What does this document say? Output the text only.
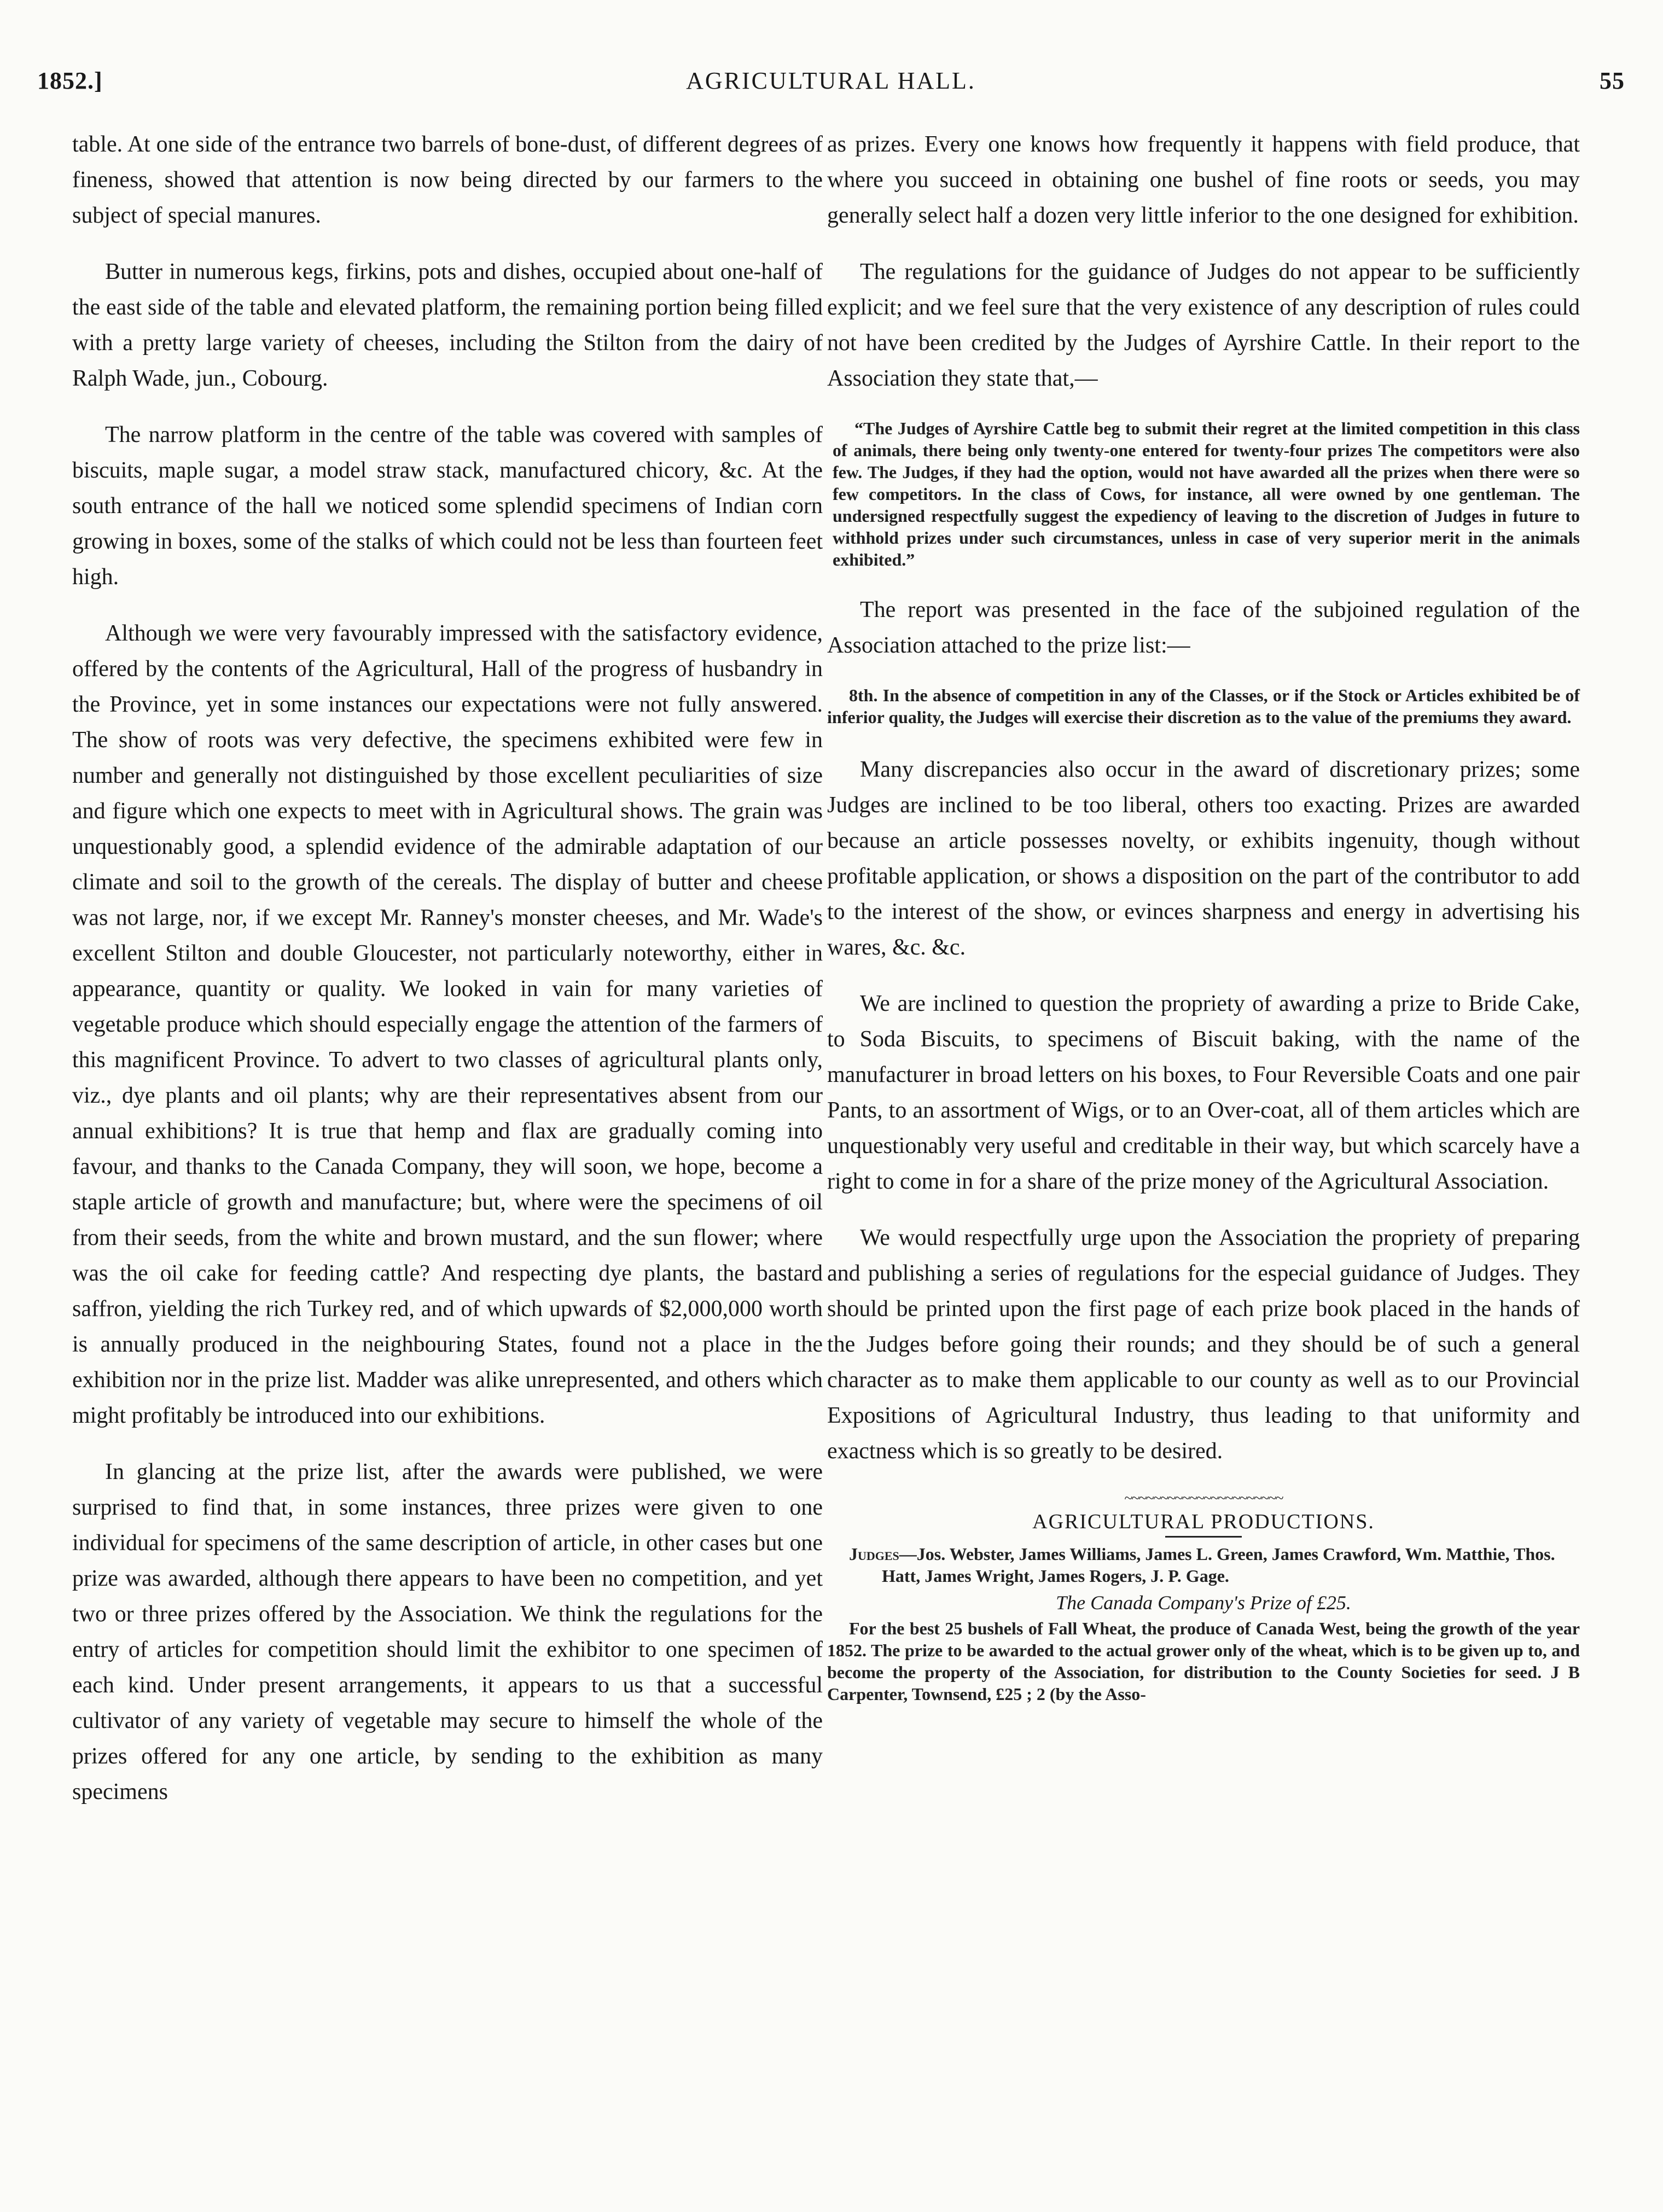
1852.]	AGRICULTURAL HALL.	55

table. At one side of the entrance two barrels of bone-dust, of different degrees of fineness, showed that attention is now being directed by our farmers to the subject of special manures.

Butter in numerous kegs, firkins, pots and dishes, occupied about one-half of the east side of the table and elevated platform, the remaining portion being filled with a pretty large variety of cheeses, including the Stilton from the dairy of Ralph Wade, jun., Cobourg.

The narrow platform in the centre of the table was covered with samples of biscuits, maple sugar, a model straw stack, manufactured chicory, &c. At the south entrance of the hall we noticed some splendid specimens of Indian corn growing in boxes, some of the stalks of which could not be less than fourteen feet high.

Although we were very favourably impressed with the satisfactory evidence, offered by the contents of the Agricultural, Hall of the progress of husbandry in the Province, yet in some instances our expectations were not fully answered. The show of roots was very defective, the specimens exhibited were few in number and generally not distinguished by those excellent peculiarities of size and figure which one expects to meet with in Agricultural shows. The grain was unquestionably good, a splendid evidence of the admirable adaptation of our climate and soil to the growth of the cereals. The display of butter and cheese was not large, nor, if we except Mr. Ranney's monster cheeses, and Mr. Wade's excellent Stilton and double Gloucester, not particularly noteworthy, either in appearance, quantity or quality. We looked in vain for many varieties of vegetable produce which should especially engage the attention of the farmers of this magnificent Province. To advert to two classes of agricultural plants only, viz., dye plants and oil plants; why are their representatives absent from our annual exhibitions? It is true that hemp and flax are gradually coming into favour, and thanks to the Canada Company, they will soon, we hope, become a staple article of growth and manufacture; but, where were the specimens of oil from their seeds, from the white and brown mustard, and the sun flower; where was the oil cake for feeding cattle? And respecting dye plants, the bastard saffron, yielding the rich Turkey red, and of which upwards of $2,000,000 worth is annually produced in the neighbouring States, found not a place in the exhibition nor in the prize list. Madder was alike unrepresented, and others which might profitably be introduced into our exhibitions.

In glancing at the prize list, after the awards were published, we were surprised to find that, in some instances, three prizes were given to one individual for specimens of the same description of article, in other cases but one prize was awarded, although there appears to have been no competition, and yet two or three prizes offered by the Association. We think the regulations for the entry of articles for competition should limit the exhibitor to one specimen of each kind. Under present arrangements, it appears to us that a successful cultivator of any variety of vegetable may secure to himself the whole of the prizes offered for any one article, by sending to the exhibition as many specimens

as prizes. Every one knows how frequently it happens with field produce, that where you succeed in obtaining one bushel of fine roots or seeds, you may generally select half a dozen very little inferior to the one designed for exhibition.

The regulations for the guidance of Judges do not appear to be sufficiently explicit; and we feel sure that the very existence of any description of rules could not have been credited by the Judges of Ayrshire Cattle. In their report to the Association they state that,—

“The Judges of Ayrshire Cattle beg to submit their regret at the limited competition in this class of animals, there being only twenty-one entered for twenty-four prizes The competitors were also few. The Judges, if they had the option, would not have awarded all the prizes when there were so few competitors. In the class of Cows, for instance, all were owned by one gentleman. The undersigned respectfully suggest the expediency of leaving to the discretion of Judges in future to withhold prizes under such circumstances, unless in case of very superior merit in the animals exhibited.”

The report was presented in the face of the subjoined regulation of the Association attached to the prize list:—

8th. In the absence of competition in any of the Classes, or if the Stock or Articles exhibited be of inferior quality, the Judges will exercise their discretion as to the value of the premiums they award.

Many discrepancies also occur in the award of discretionary prizes; some Judges are inclined to be too liberal, others too exacting. Prizes are awarded because an article possesses novelty, or exhibits ingenuity, though without profitable application, or shows a disposition on the part of the contributor to add to the interest of the show, or evinces sharpness and energy in advertising his wares, &c. &c.

We are inclined to question the propriety of awarding a prize to Bride Cake, to Soda Biscuits, to specimens of Biscuit baking, with the name of the manufacturer in broad letters on his boxes, to Four Reversible Coats and one pair Pants, to an assortment of Wigs, or to an Over-coat, all of them articles which are unquestionably very useful and creditable in their way, but which scarcely have a right to come in for a share of the prize money of the Agricultural Association.

We would respectfully urge upon the Association the propriety of preparing and publishing a series of regulations for the especial guidance of Judges. They should be printed upon the first page of each prize book placed in the hands of the Judges before going their rounds; and they should be of such a general character as to make them applicable to our county as well as to our Provincial Expositions of Agricultural Industry, thus leading to that uniformity and exactness which is so greatly to be desired.

~~~~~~~~~~~~~~~~~~~~~~
AGRICULTURAL PRODUCTIONS.

Judges—Jos. Webster, James Williams, James L. Green, James Crawford, Wm. Matthie, Thos. Hatt, James Wright, James Rogers, J. P. Gage.

The Canada Company's Prize of £25.

For the best 25 bushels of Fall Wheat, the produce of Canada West, being the growth of the year 1852. The prize to be awarded to the actual grower only of the wheat, which is to be given up to, and become the property of the Association, for distribution to the County Societies for seed. J B Carpenter, Townsend, £25 ; 2 (by the Asso-
